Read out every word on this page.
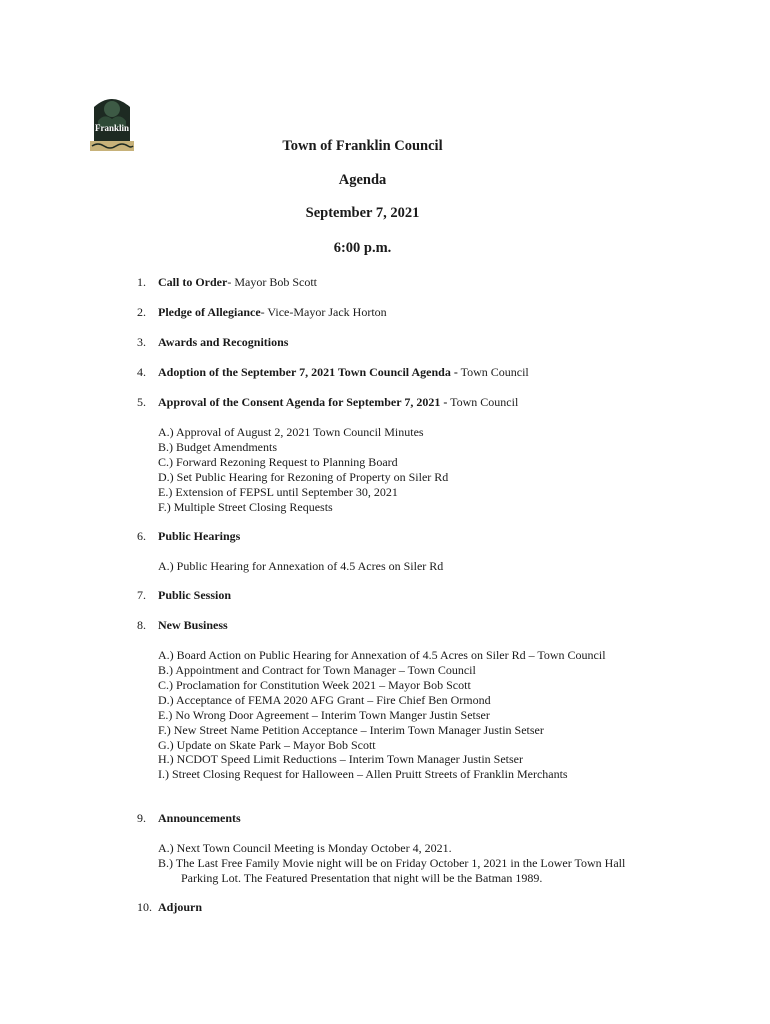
Franklin
Town of Franklin Council
Agenda
September 7, 2021
6:00 p.m.
1. Call to Order- Mayor Bob Scott
2. Pledge of Allegiance- Vice-Mayor Jack Horton
3. Awards and Recognitions
4. Adoption of the September 7, 2021 Town Council Agenda - Town Council
5. Approval of the Consent Agenda for September 7, 2021 - Town Council
A.) Approval of August 2, 2021 Town Council Minutes
B.) Budget Amendments
C.) Forward Rezoning Request to Planning Board
D.) Set Public Hearing for Rezoning of Property on Siler Rd
E.) Extension of FEPSL until September 30, 2021
F.) Multiple Street Closing Requests
6. Public Hearings
A.) Public Hearing for Annexation of 4.5 Acres on Siler Rd
7. Public Session
8. New Business
A.) Board Action on Public Hearing for Annexation of 4.5 Acres on Siler Rd – Town Council
B.) Appointment and Contract for Town Manager – Town Council
C.) Proclamation for Constitution Week 2021 – Mayor Bob Scott
D.) Acceptance of FEMA 2020 AFG Grant – Fire Chief Ben Ormond
E.) No Wrong Door Agreement – Interim Town Manger Justin Setser
F.) New Street Name Petition Acceptance – Interim Town Manager Justin Setser
G.) Update on Skate Park – Mayor Bob Scott
H.) NCDOT Speed Limit Reductions – Interim Town Manager Justin Setser
I.) Street Closing Request for Halloween – Allen Pruitt Streets of Franklin Merchants
9. Announcements
A.) Next Town Council Meeting is Monday October 4, 2021.
B.) The Last Free Family Movie night will be on Friday October 1, 2021 in the Lower Town Hall
Parking Lot. The Featured Presentation that night will be the Batman 1989.
10. Adjourn
